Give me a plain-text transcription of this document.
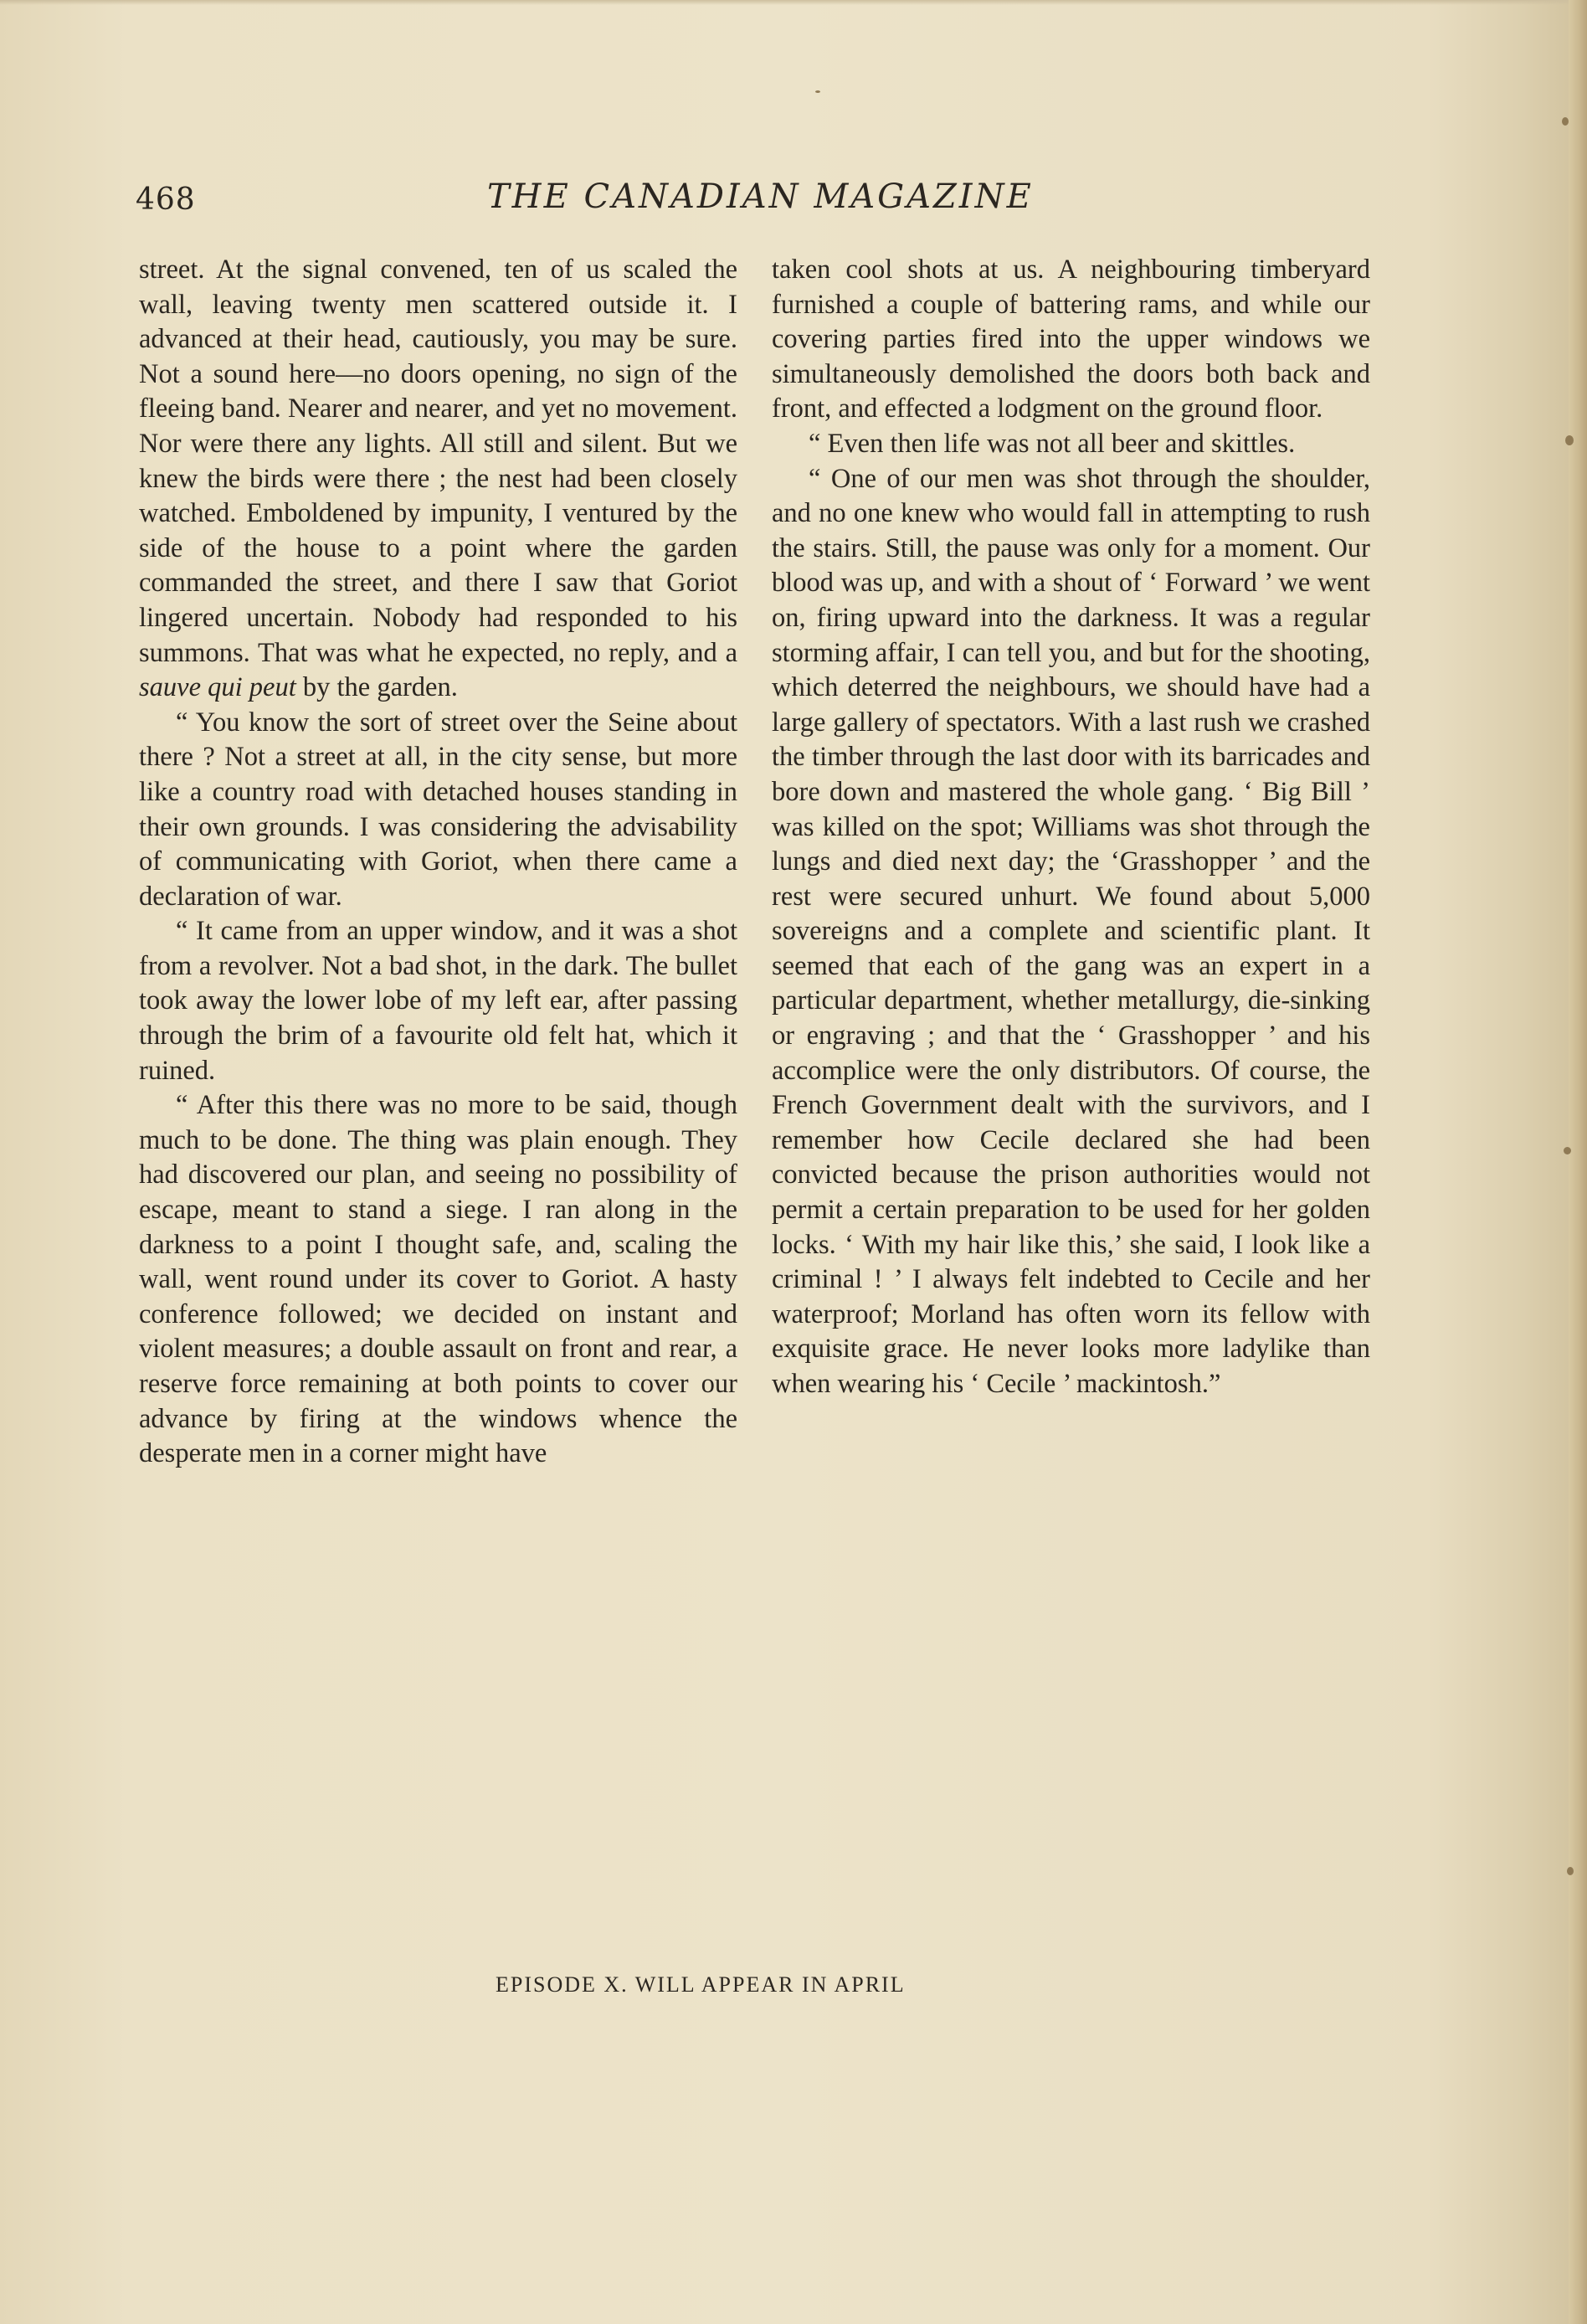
468	THE CANADIAN MAGAZINE

street. At the signal convened, ten of us scaled the wall, leaving twenty men scattered outside it. I advanced at their head, cautiously, you may be sure. Not a sound here—no doors opening, no sign of the fleeing band. Nearer and nearer, and yet no movement. Nor were there any lights. All still and silent. But we knew the birds were there ; the nest had been closely watched. Emboldened by impunity, I ventured by the side of the house to a point where the garden commanded the street, and there I saw that Goriot lingered uncertain. Nobody had responded to his summons. That was what he expected, no reply, and a sauve qui peut by the garden.

“ You know the sort of street over the Seine about there ? Not a street at all, in the city sense, but more like a country road with detached houses standing in their own grounds. I was considering the advisability of communicating with Goriot, when there came a declaration of war.

“ It came from an upper window, and it was a shot from a revolver. Not a bad shot, in the dark. The bullet took away the lower lobe of my left ear, after passing through the brim of a favourite old felt hat, which it ruined.

“ After this there was no more to be said, though much to be done. The thing was plain enough. They had discovered our plan, and seeing no possibility of escape, meant to stand a siege. I ran along in the darkness to a point I thought safe, and, scaling the wall, went round under its cover to Goriot. A hasty conference followed; we decided on instant and violent measures; a double assault on front and rear, a reserve force remaining at both points to cover our advance by firing at the windows whence the desperate men in a corner might have

taken cool shots at us. A neighbouring timberyard furnished a couple of battering rams, and while our covering parties fired into the upper windows we simultaneously demolished the doors both back and front, and effected a lodgment on the ground floor.

“ Even then life was not all beer and skittles.

“ One of our men was shot through the shoulder, and no one knew who would fall in attempting to rush the stairs. Still, the pause was only for a moment. Our blood was up, and with a shout of ‘ Forward ’ we went on, firing upward into the darkness. It was a regular storming affair, I can tell you, and but for the shooting, which deterred the neighbours, we should have had a large gallery of spectators. With a last rush we crashed the timber through the last door with its barricades and bore down and mastered the whole gang. ‘ Big Bill ’ was killed on the spot; Williams was shot through the lungs and died next day; the ‘Grasshopper ’ and the rest were secured unhurt. We found about 5,000 sovereigns and a complete and scientific plant. It seemed that each of the gang was an expert in a particular department, whether metallurgy, die-sinking or engraving ; and that the ‘ Grasshopper ’ and his accomplice were the only distributors. Of course, the French Government dealt with the survivors, and I remember how Cecile declared she had been convicted because the prison authorities would not permit a certain preparation to be used for her golden locks. ‘ With my hair like this,’ she said, I look like a criminal ! ’ I always felt indebted to Cecile and her waterproof; Morland has often worn its fellow with exquisite grace. He never looks more ladylike than when wearing his ‘ Cecile ’ mackintosh.”

EPISODE X. WILL APPEAR IN APRIL
